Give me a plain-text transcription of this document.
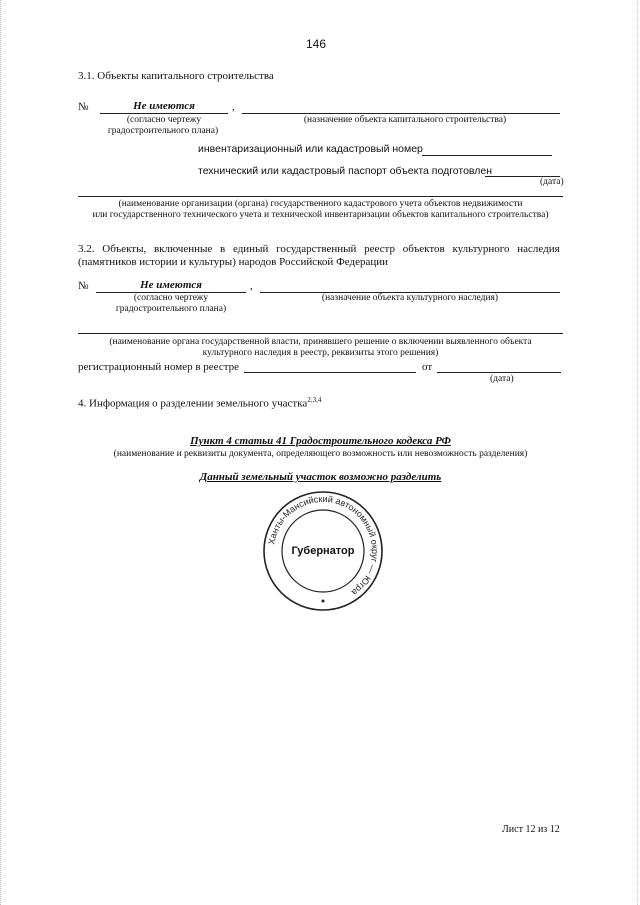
146
3.1. Объекты капитального строительства
№	Не имеются	,
(согласно чертежу	(назначение объекта капитального строительства)
градостроительного плана)
инвентаризационный или кадастровый номер
технический или кадастровый паспорт объекта подготовлен
(дата)
(наименование организации (органа) государственного кадастрового учета объектов недвижимости
или государственного технического учета и технической инвентаризации объектов капитального строительства)
3.2. Объекты, включенные в единый государственный реестр объектов культурного наследия
(памятников истории и культуры) народов Российской Федерации
№	Не имеются	,
(согласно чертежу	(назначение объекта культурного наследия)
градостроительного плана)
(наименование органа государственной власти, принявшего решение о включении выявленного объекта
культурного наследия в реестр, реквизиты этого решения)
регистрационный номер в реестре	от
(дата)
4. Информация о разделении земельного участка$^{2,3,4}$
Пункт 4 статьи 41 Градостроительного кодекса РФ
(наименование и реквизиты документа, определяющего возможность или невозможность разделения)
Данный земельный участок возможно разделить
Ханты-Мансийский автономный округ — Югра
Губернатор
Лист 12 из 12
